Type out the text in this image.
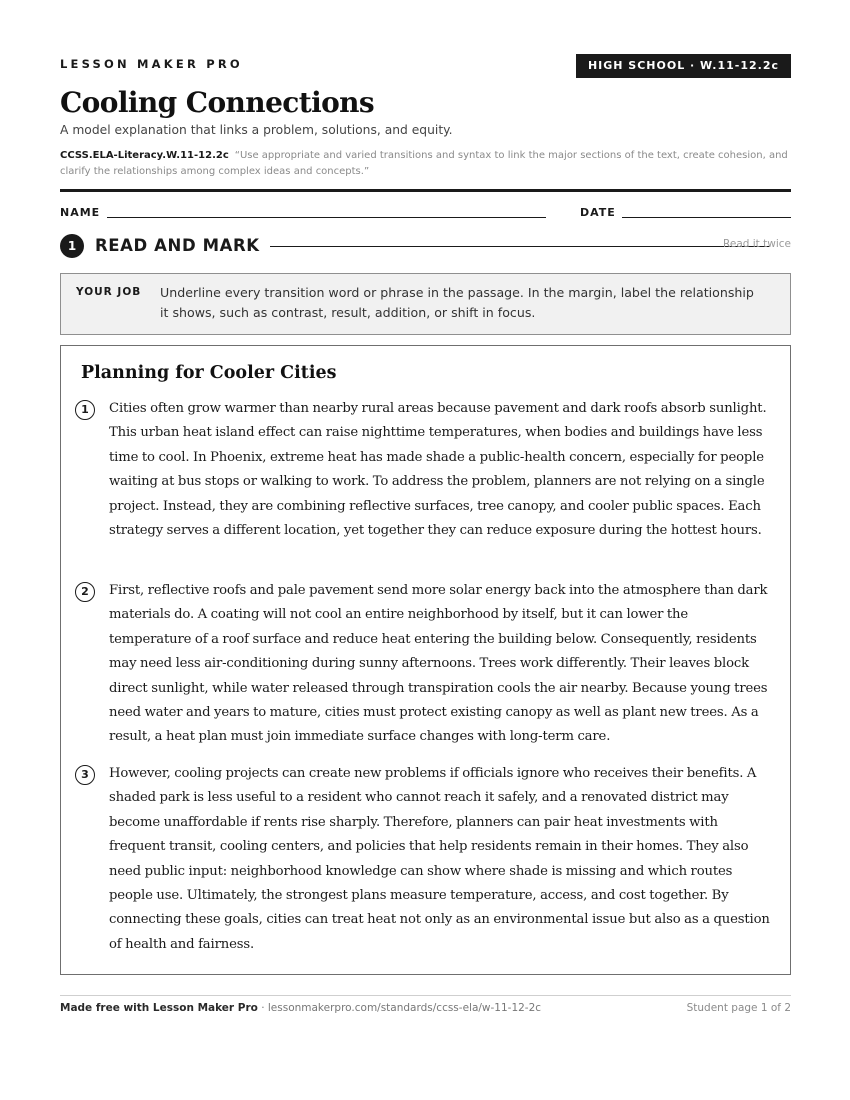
LESSON MAKER PRO	HIGH SCHOOL · W.11-12.2c
Cooling Connections
A model explanation that links a problem, solutions, and equity.
CCSS.ELA-Literacy.W.11-12.2c “Use appropriate and varied transitions and syntax to link the major sections of the text, create cohesion, and clarify the relationships among complex ideas and concepts.”
NAME	DATE
1	READ AND MARK	Read it twice
YOUR JOB Underline every transition word or phrase in the passage. In the margin, label the relationship it shows, such as contrast, result, addition, or shift in focus.
Planning for Cooler Cities
1	Cities often grow warmer than nearby rural areas because pavement and dark roofs absorb sunlight. This urban heat island effect can raise nighttime temperatures, when bodies and buildings have less time to cool. In Phoenix, extreme heat has made shade a public-health concern, especially for people waiting at bus stops or walking to work. To address the problem, planners are not relying on a single project. Instead, they are combining reflective surfaces, tree canopy, and cooler public spaces. Each strategy serves a different location, yet together they can reduce exposure during the hottest hours.
2	First, reflective roofs and pale pavement send more solar energy back into the atmosphere than dark materials do. A coating will not cool an entire neighborhood by itself, but it can lower the temperature of a roof surface and reduce heat entering the building below. Consequently, residents may need less air-conditioning during sunny afternoons. Trees work differently. Their leaves block direct sunlight, while water released through transpiration cools the air nearby. Because young trees need water and years to mature, cities must protect existing canopy as well as plant new trees. As a result, a heat plan must join immediate surface changes with long-term care.
3	However, cooling projects can create new problems if officials ignore who receives their benefits. A shaded park is less useful to a resident who cannot reach it safely, and a renovated district may become unaffordable if rents rise sharply. Therefore, planners can pair heat investments with frequent transit, cooling centers, and policies that help residents remain in their homes. They also need public input: neighborhood knowledge can show where shade is missing and which routes people use. Ultimately, the strongest plans measure temperature, access, and cost together. By connecting these goals, cities can treat heat not only as an environmental issue but also as a question of health and fairness.
Made free with Lesson Maker Pro · lessonmakerpro.com/standards/ccss-ela/w-11-12-2c	Student page 1 of 2
